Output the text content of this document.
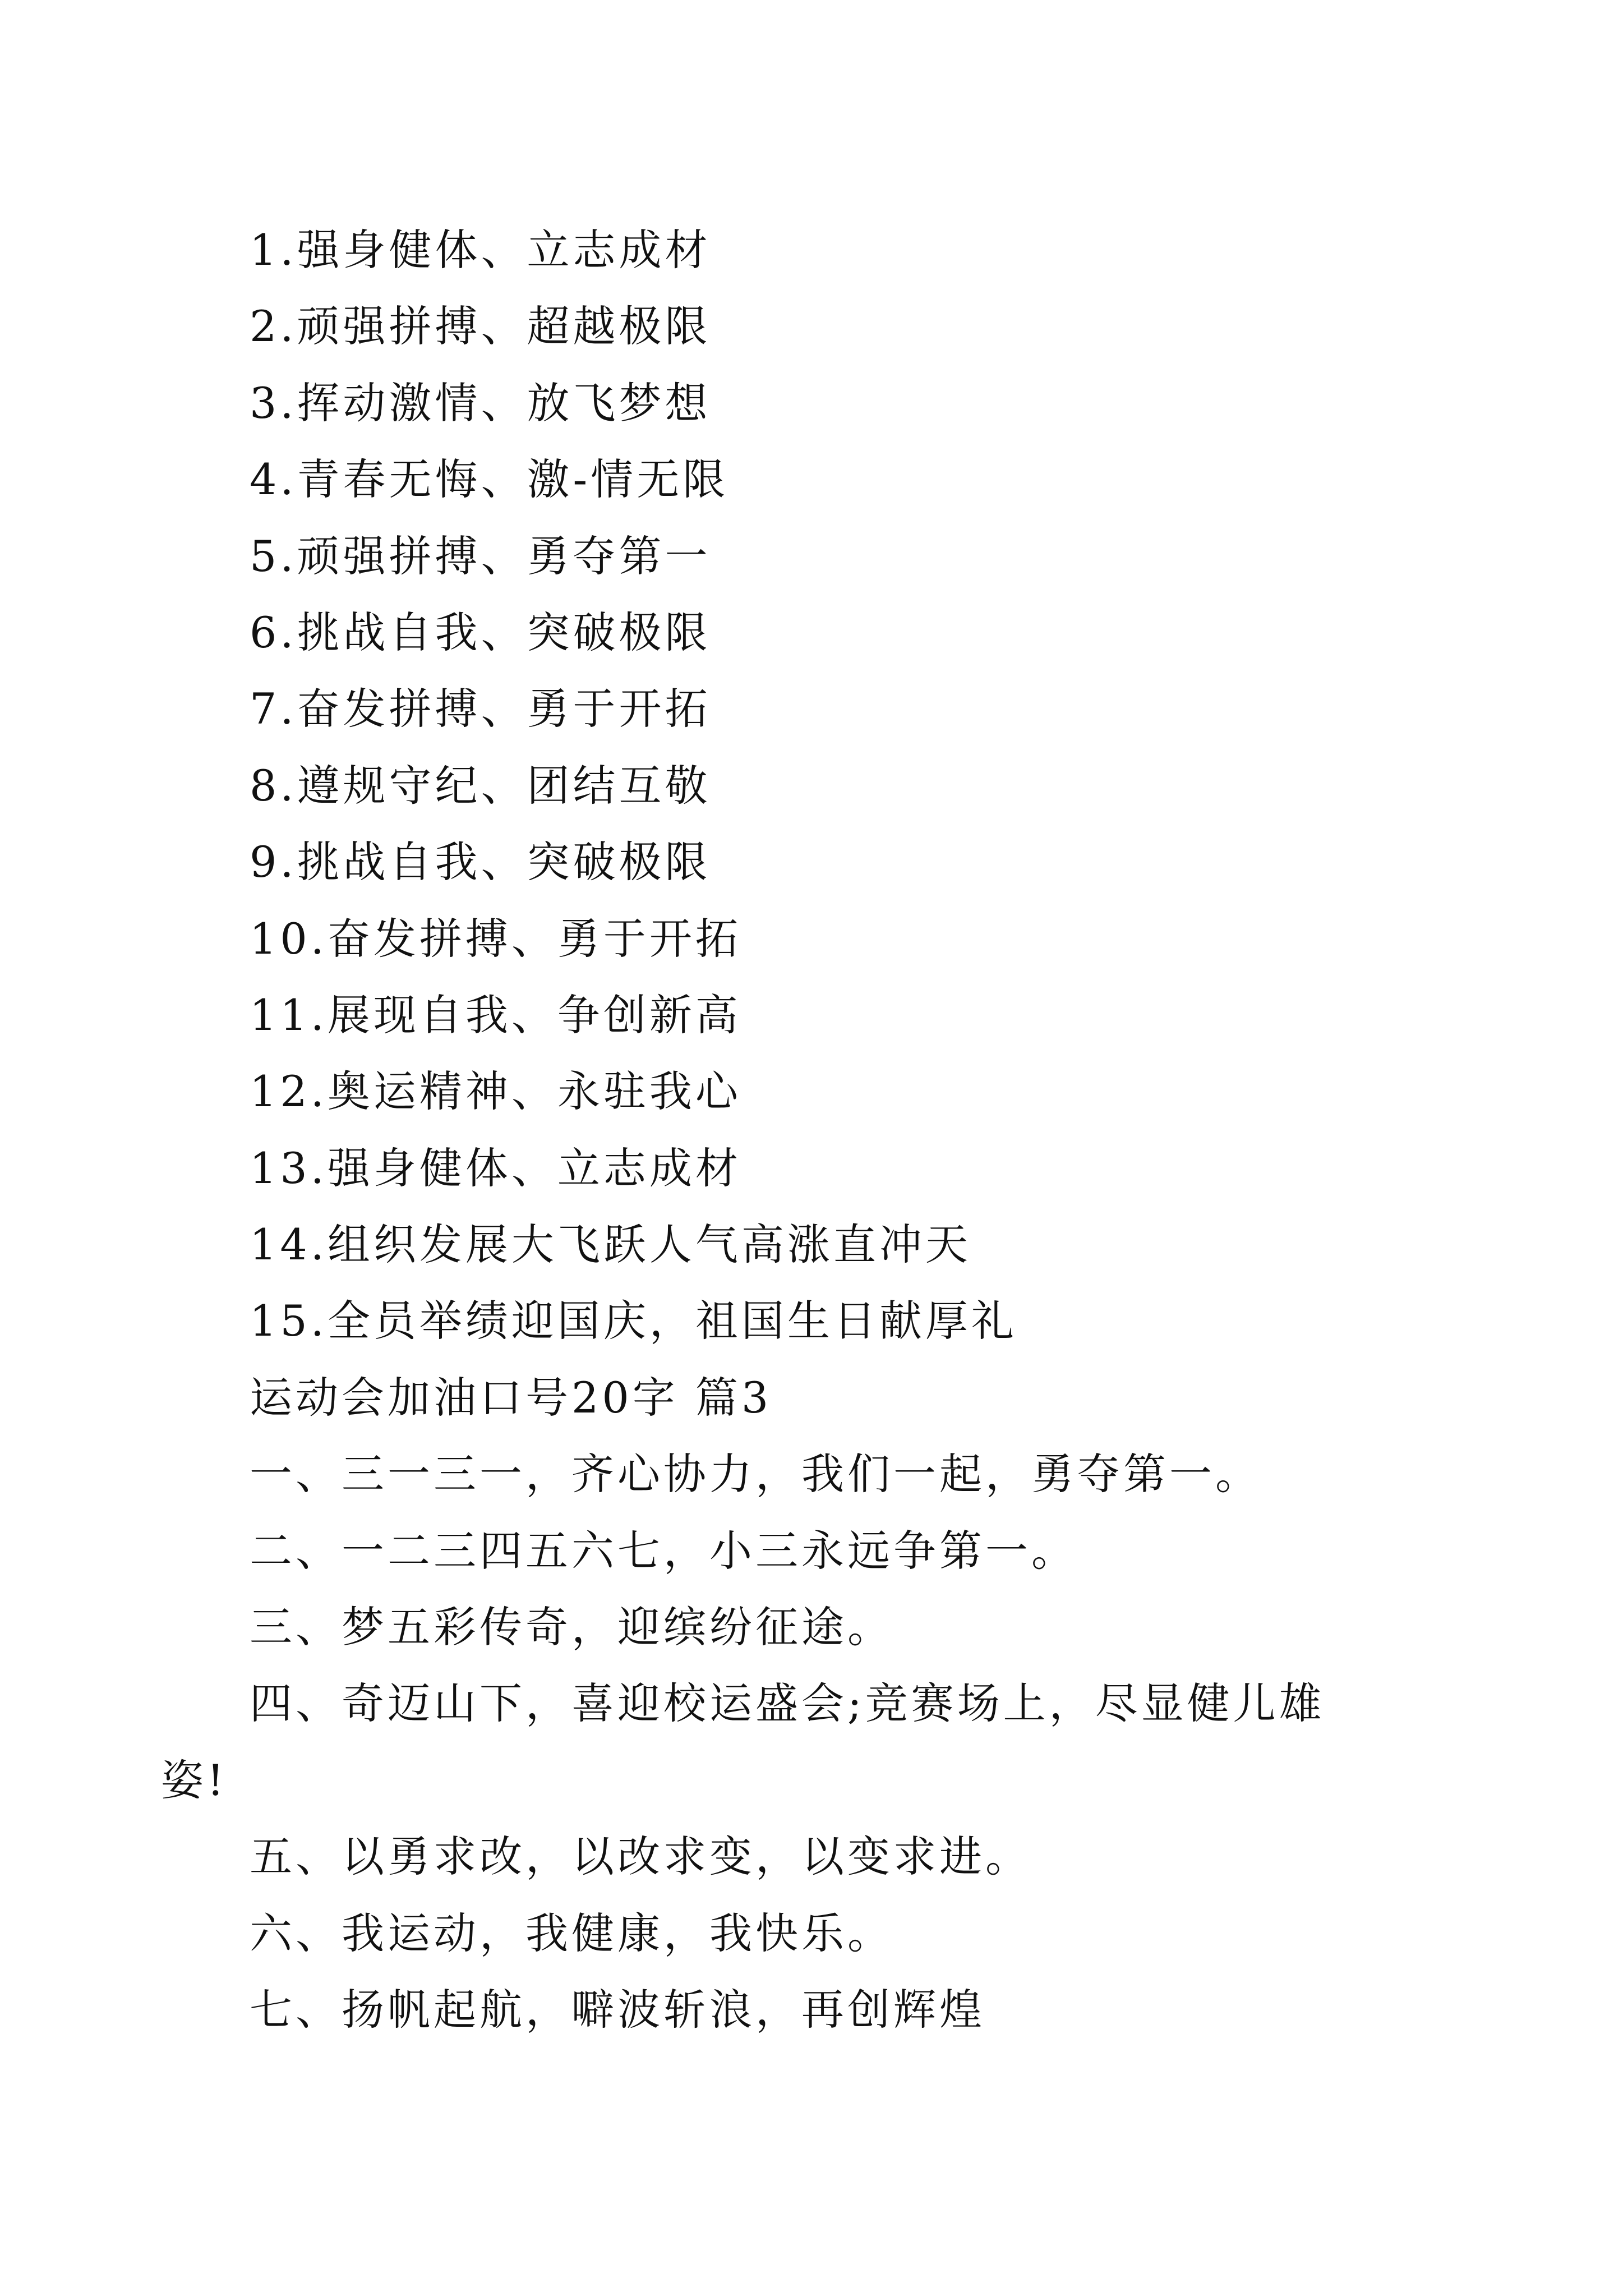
1.强身健体、立志成材
2.顽强拼搏、超越极限
3.挥动激情、放飞梦想
4.青春无悔、激-情无限
5.顽强拼搏、勇夺第一
6.挑战自我、突破极限
7.奋发拼搏、勇于开拓
8.遵规守纪、团结互敬
9.挑战自我、突破极限
10.奋发拼搏、勇于开拓
11.展现自我、争创新高
12.奥运精神、永驻我心
13.强身健体、立志成材
14.组织发展大飞跃人气高涨直冲天
15.全员举绩迎国庆，祖国生日献厚礼
运动会加油口号20字 篇3
一、三一三一，齐心协力，我们一起，勇夺第一。
二、一二三四五六七，小三永远争第一。
三、梦五彩传奇，迎缤纷征途。
四、奇迈山下，喜迎校运盛会;竞赛场上，尽显健儿雄
姿!
五、以勇求改，以改求变，以变求进。
六、我运动，我健康，我快乐。
七、扬帆起航，噼波斩浪，再创辉煌
